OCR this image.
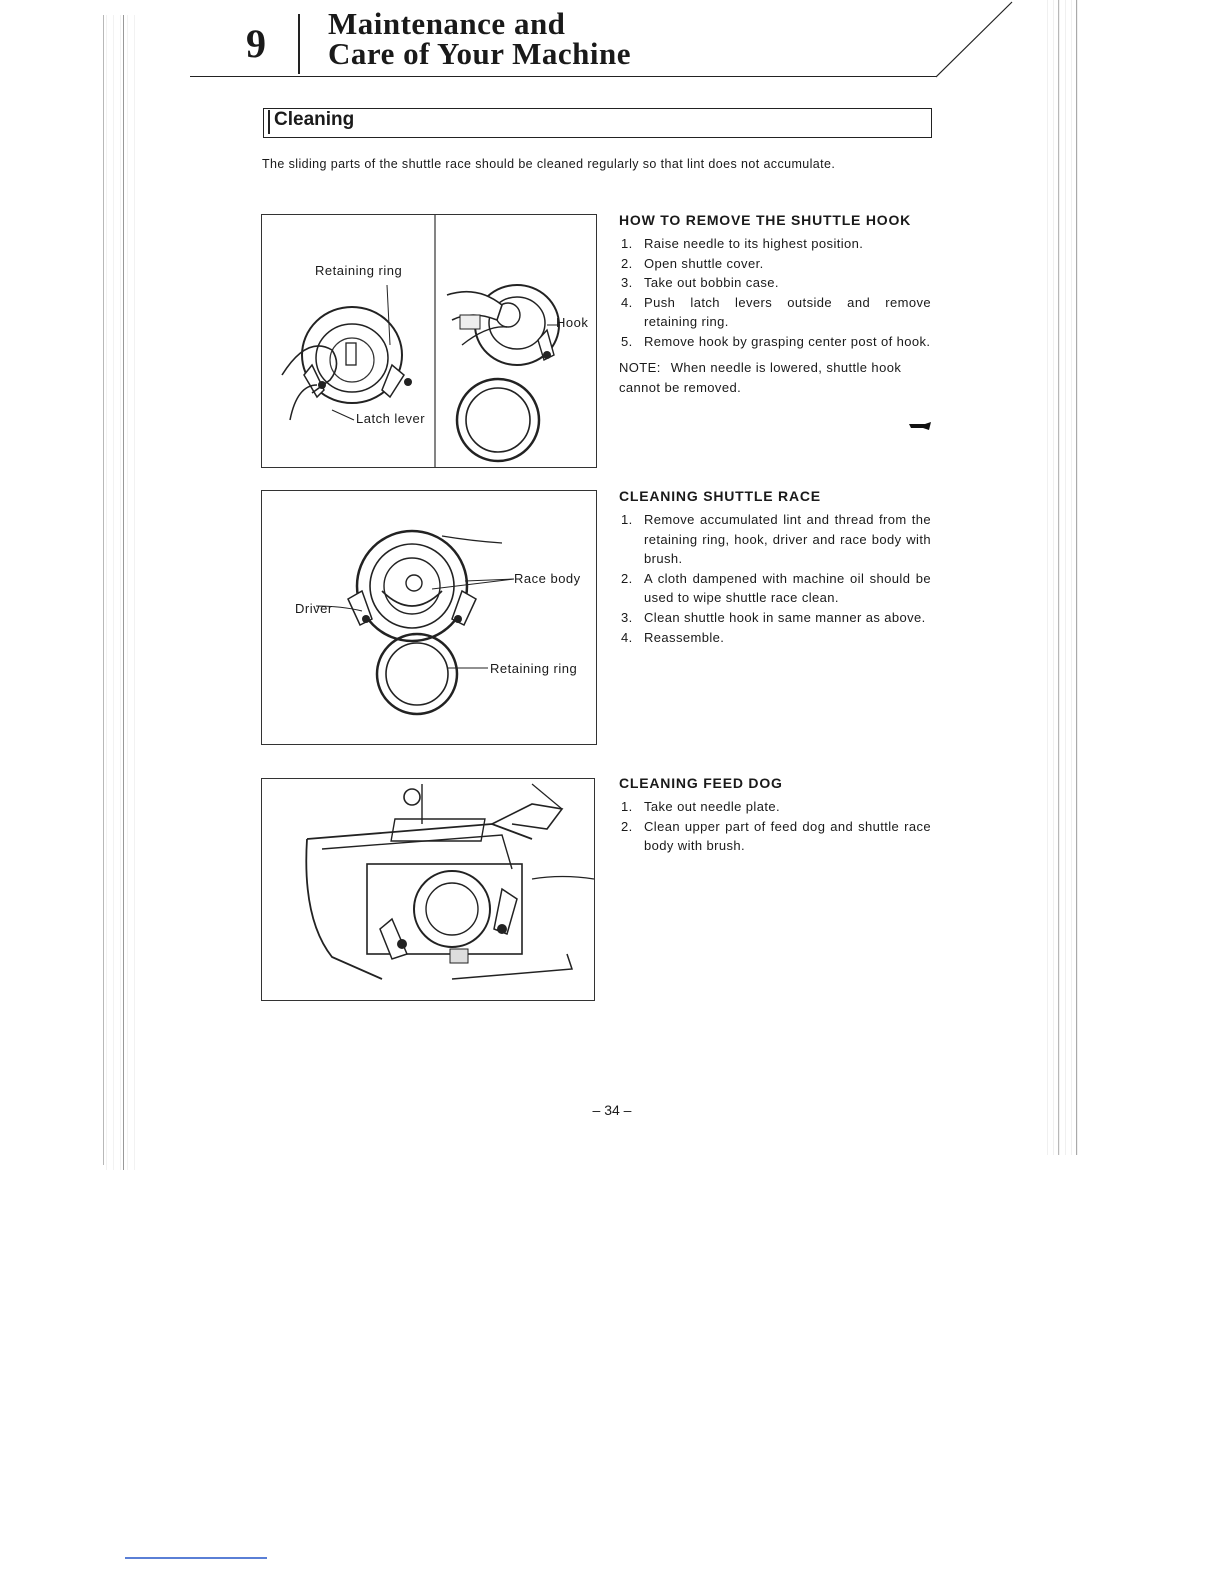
9 Maintenance and
Care of Your Machine
Cleaning
The sliding parts of the shuttle race should be cleaned regularly so that lint does not accumulate.
Retaining ring
Hook
Latch lever
Race body
Driver
Retaining ring
HOW TO REMOVE THE SHUTTLE HOOK
1. Raise needle to its highest position.
2. Open shuttle cover.
3. Take out bobbin case.
4. Push latch levers outside and remove retaining ring.
5. Remove hook by grasping center post of hook.
NOTE: When needle is lowered, shuttle hook cannot be removed.
CLEANING SHUTTLE RACE
1. Remove accumulated lint and thread from the retaining ring, hook, driver and race body with brush.
2. A cloth dampened with machine oil should be used to wipe shuttle race clean.
3. Clean shuttle hook in same manner as above.
4. Reassemble.
CLEANING FEED DOG
1. Take out needle plate.
2. Clean upper part of feed dog and shuttle race body with brush.
– 34 –
